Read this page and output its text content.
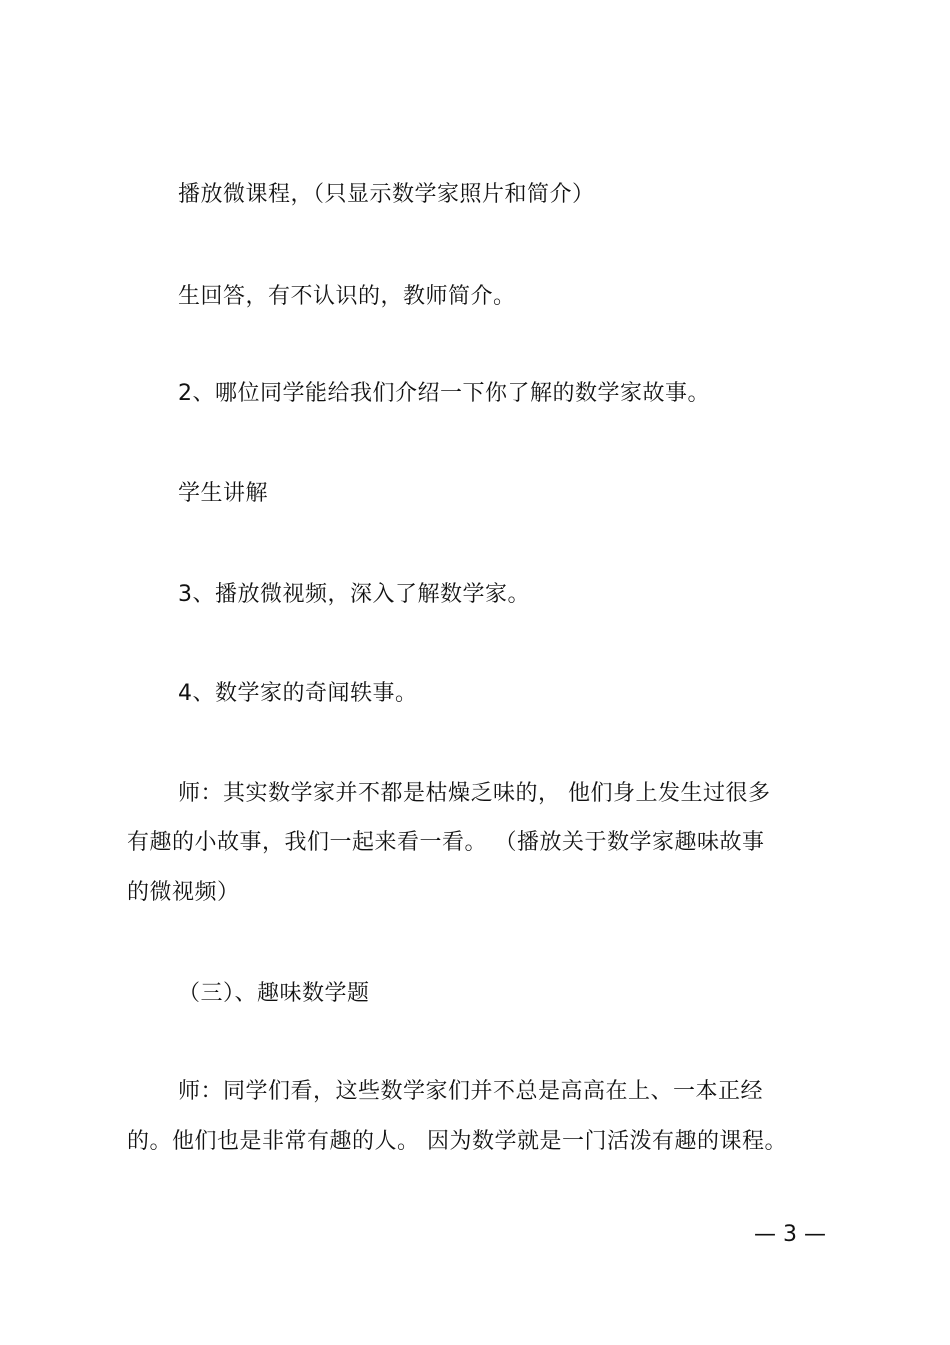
播放微课程，（只显示数学家照片和简介）
生回答，有不认识的，教师简介。
2、哪位同学能给我们介绍一下你了解的数学家故事。
学生讲解
3、播放微视频，深入了解数学家。
4、数学家的奇闻轶事。
师：其实数学家并不都是枯燥乏味的， 他们身上发生过很多
有趣的小故事，我们一起来看一看。 （播放关于数学家趣味故事
的微视频）
（三）、趣味数学题
师：同学们看，这些数学家们并不总是高高在上、一本正经
的。他们也是非常有趣的人。 因为数学就是一门活泼有趣的课程。
— 3 —
